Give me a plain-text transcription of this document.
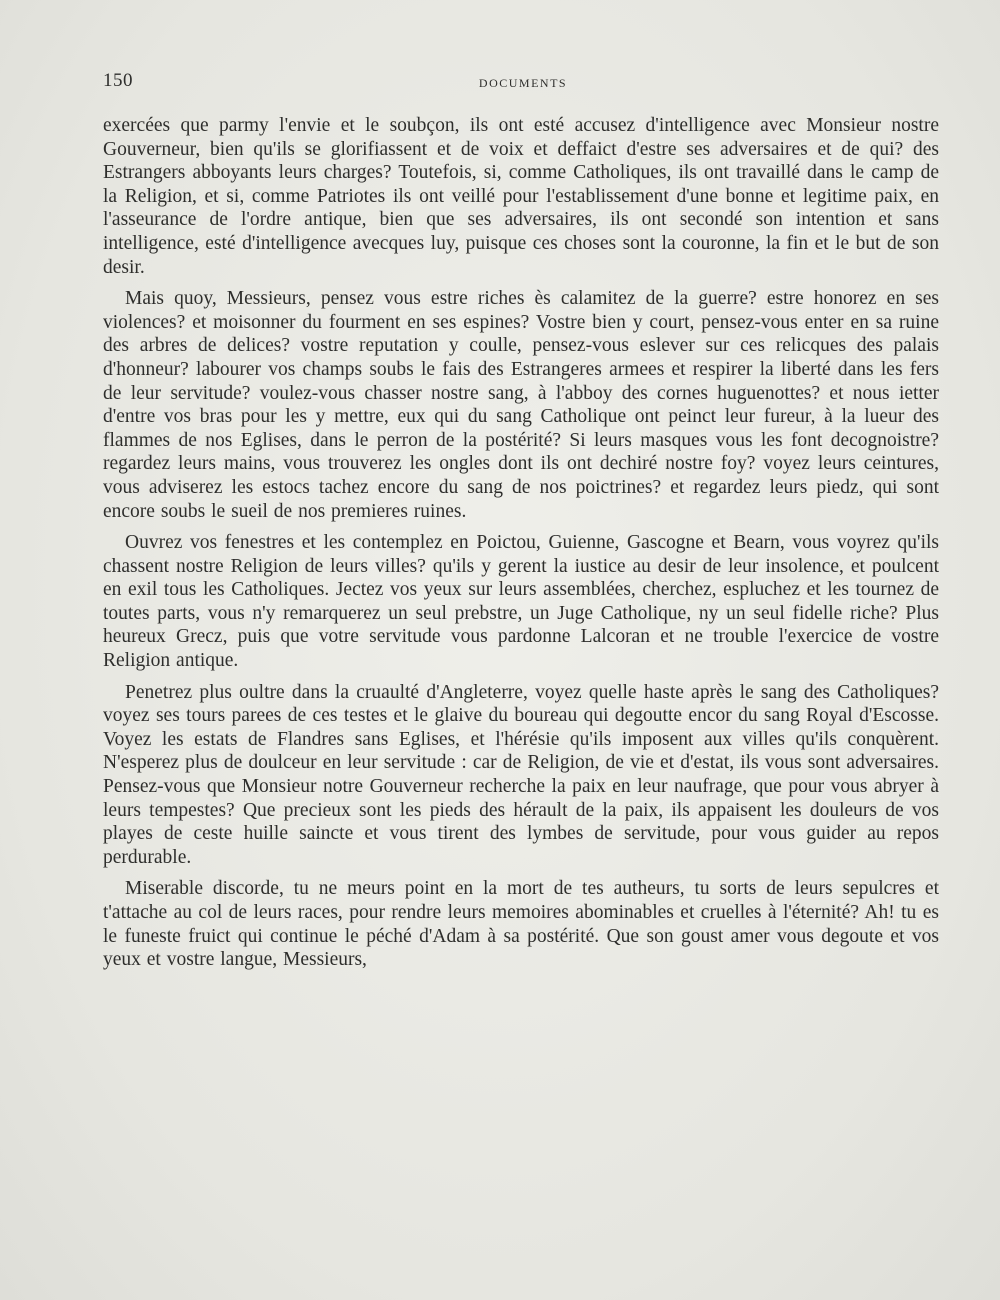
150	DOCUMENTS

exercées que parmy l'envie et le soubçon, ils ont esté accusez d'intelligence avec Monsieur nostre Gouverneur, bien qu'ils se glorifiassent et de voix et deffaict d'estre ses adversaires et de qui? des Estrangers abboyants leurs charges? Toutefois, si, comme Catholiques, ils ont travaillé dans le camp de la Religion, et si, comme Patriotes ils ont veillé pour l'establissement d'une bonne et legitime paix, en l'asseurance de l'ordre antique, bien que ses adversaires, ils ont secondé son intention et sans intelligence, esté d'intelligence avecques luy, puisque ces choses sont la couronne, la fin et le but de son desir.

Mais quoy, Messieurs, pensez vous estre riches ès calamitez de la guerre? estre honorez en ses violences? et moisonner du fourment en ses espines? Vostre bien y court, pensez-vous enter en sa ruine des arbres de delices? vostre reputation y coulle, pensez-vous eslever sur ces relicques des palais d'honneur? labourer vos champs soubs le fais des Estrangeres armees et respirer la liberté dans les fers de leur servitude? voulez-vous chasser nostre sang, à l'abboy des cornes huguenottes? et nous ietter d'entre vos bras pour les y mettre, eux qui du sang Catholique ont peinct leur fureur, à la lueur des flammes de nos Eglises, dans le perron de la postérité? Si leurs masques vous les font decognoistre? regardez leurs mains, vous trouverez les ongles dont ils ont dechiré nostre foy? voyez leurs ceintures, vous adviserez les estocs tachez encore du sang de nos poictrines? et regardez leurs piedz, qui sont encore soubs le sueil de nos premieres ruines.

Ouvrez vos fenestres et les contemplez en Poictou, Guienne, Gascogne et Bearn, vous voyrez qu'ils chassent nostre Religion de leurs villes? qu'ils y gerent la iustice au desir de leur insolence, et poulcent en exil tous les Catholiques. Jectez vos yeux sur leurs assemblées, cherchez, espluchez et les tournez de toutes parts, vous n'y remarquerez un seul prebstre, un Juge Catholique, ny un seul fidelle riche? Plus heureux Grecz, puis que votre servitude vous pardonne Lalcoran et ne trouble l'exercice de vostre Religion antique.

Penetrez plus oultre dans la cruaulté d'Angleterre, voyez quelle haste après le sang des Catholiques? voyez ses tours parees de ces testes et le glaive du boureau qui degoutte encor du sang Royal d'Escosse. Voyez les estats de Flandres sans Eglises, et l'hérésie qu'ils imposent aux villes qu'ils conquèrent. N'esperez plus de doulceur en leur servitude : car de Religion, de vie et d'estat, ils vous sont adversaires. Pensez-vous que Monsieur notre Gouverneur recherche la paix en leur naufrage, que pour vous abryer à leurs tempestes? Que precieux sont les pieds des hérault de la paix, ils appaisent les douleurs de vos playes de ceste huille saincte et vous tirent des lymbes de servitude, pour vous guider au repos perdurable.

Miserable discorde, tu ne meurs point en la mort de tes autheurs, tu sorts de leurs sepulcres et t'attache au col de leurs races, pour rendre leurs memoires abominables et cruelles à l'éternité? Ah! tu es le funeste fruict qui continue le péché d'Adam à sa postérité. Que son goust amer vous degoute et vos yeux et vostre langue, Messieurs,
